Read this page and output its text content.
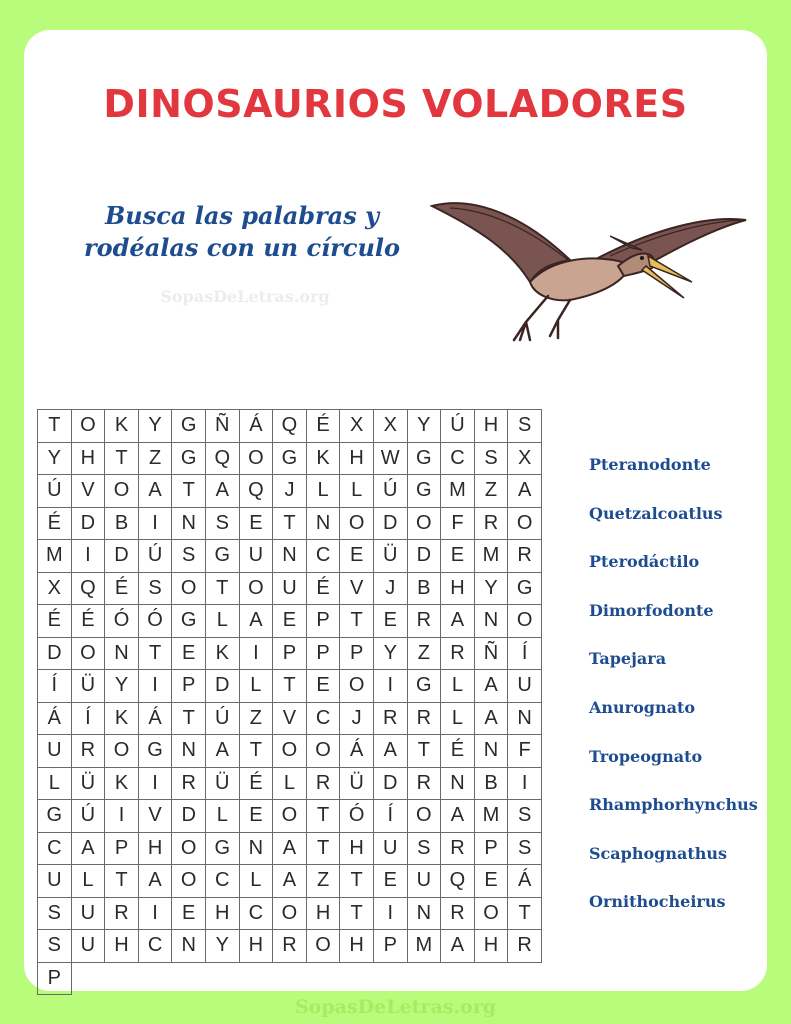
DINOSAURIOS VOLADORES
Busca las palabras y
rodéalas con un círculo
SopasDeLetras.org
T O K	Y G Ñ Á Q É	X	X	Y Ú H S
Y H	T	Z G Q O G K H W G C S	X
Ú V O A	T	A Q	J	L	L	Ú G M Z	A
É D B	I	N S	E	T	N O D O F	R O
M	I	D Ú S G U N C E Ü D E M R
X Q É	S O T O U É	V	J	B H Y G
É	É Ó Ó G	L	A	E	P	T	E R A N O
D O N	T	E	K	I	P	P	P	Y	Z	R Ñ	Í
Í	Ü Y	I	P D	L	T	E O	I	G	L	A U
Á	Í	K	Á	T	Ú	Z	V C	J	R R	L	A N
U R O G N A	T O O Á	A	T	É N	F
L	Ü K	I	R Ü É	L	R Ü D R N B	I
G Ú	I	V D	L	E O T Ó	Í	O A M S
C A	P H O G N A	T	H U S R P	S
U	L	T	A O C	L	A	Z	T	E U Q E	Á
S U R	I	E H C O H	T	I	N R O T
S U H C N Y H R O H P M A H R
P
Pteranodonte
Quetzalcoatlus
Pterodáctilo
Dimorfodonte
Tapejara
Anurognato
Tropeognato
Rhamphorhynchus
Scaphognathus
Ornithocheirus
SopasDeLetras.org
